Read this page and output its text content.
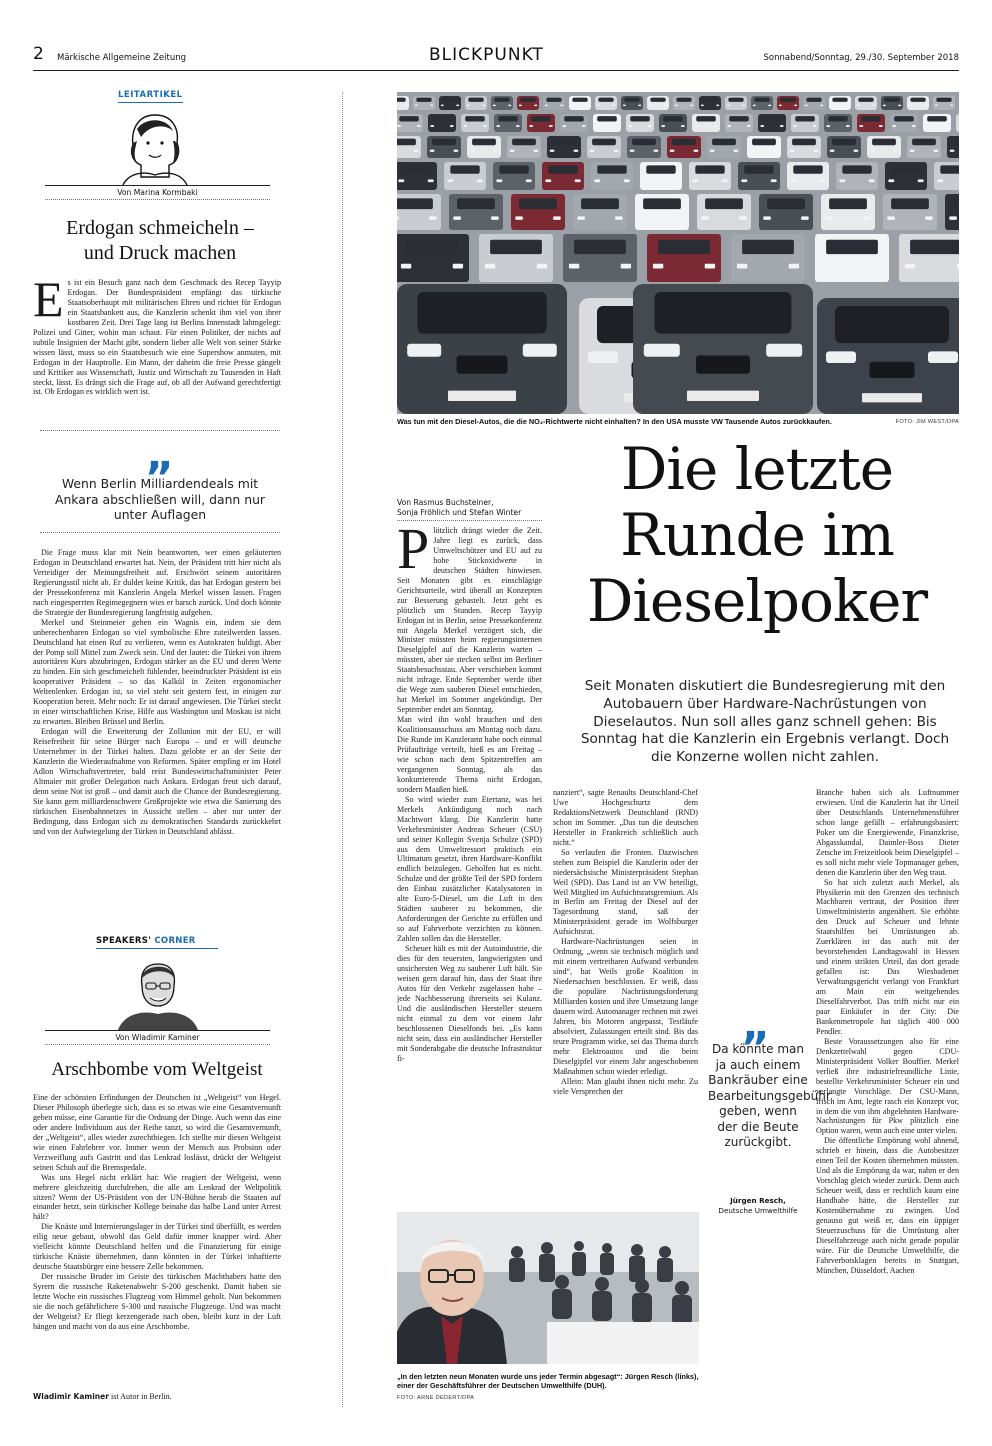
2 Märkische Allgemeine Zeitung	BLICKPUNKT	Sonnabend/Sonntag, 29./30. September 2018
LEITARTIKEL
Von Marina Kormbaki
Erdogan schmeicheln –
und Druck machen
E s ist ein Besuch ganz nach dem Geschmack des Recep Tayyip Erdogan. Der Bundespräsident empfängt das türkische Staatsoberhaupt mit militärischen Ehren und richtet für Erdogan ein Staatsbankett aus, die Kanzlerin schenkt ihm viel von ihrer kostbaren Zeit. Drei Tage lang ist Berlins Innenstadt lahmgelegt: Polizei und Gitter, wohin man schaut. Für einen Politiker, der nichts auf subtile Insignien der Macht gibt, sondern lieber alle Welt von seiner Stärke wissen lässt, muss so ein Staatsbesuch wie eine Supershow anmuten, mit Erdogan in der Hauptrolle. Ein Mann, der daheim die freie Presse gängelt und Kritiker aus Wissenschaft, Justiz und Wirtschaft zu Tausenden in Haft steckt, lässt. Es drängt sich die Frage auf, ob all der Aufwand gerechtfertigt ist. Ob Erdogan es wirklich wert ist.
„
Wenn Berlin Milliardendeals mit Ankara abschließen will, dann nur unter Auflagen

Die Frage muss klar mit Nein beantworten, wer einen geläuterten Erdogan in Deutschland erwartet hat. Nein, der Präsident tritt hier nicht als Verteidiger der Meinungsfreiheit auf. Erschwört seinem autoritären Regierungsstil nicht ab. Er duldet keine Kritik, das hat Erdogan gestern bei der Pressekonferenz mit Kanzlerin Angela Merkel wissen lassen. Fragen nach eingesperrten Regimegegnern wies er barsch zurück. Und doch könnte die Strategie der Bundesregierung langfristig aufgehen.

Merkel und Steinmeier gehen ein Wagnis ein, indem sie dem unberechenbaren Erdogan so viel symbolische Ehre zuteilwerden lassen. Deutschland hat einen Ruf zu verlieren, wenn es Autokraten huldigt. Aber der Pomp soll Mittel zum Zweck sein. Und der lautet: die Türkei von ihrem autoritären Kurs abzubringen, Erdogan stärker an die EU und deren Werte zu binden. Ein sich geschmeichelt fühlender, beeindruckter Präsident ist ein kooperativer Präsident – so das Kalkül in Zeiten ergonomischer Weltenlenker. Erdogan ist, so viel steht seit gestern fest, in einigen zur Kooperation bereit. Mehr noch: Er ist darauf angewiesen. Die Türkei steckt in einer wirtschaftlichen Krise, Hilfe aus Washington und Moskau ist nicht zu erwarten. Bleiben Brüssel und Berlin.

Erdogan will die Erweiterung der Zollunion mit der EU, er will Reisefreiheit für seine Bürger nach Europa – und er will deutsche Unternehmer in der Türkei halten. Dazu gelobte er an der Seite der Kanzlerin die Wiederaufnahme von Reformen. Später empfing er im Hotel Adlon Wirtschaftsvertreter, bald reist Bundeswirtschaftsminister Peter Altmaier mit großer Delegation nach Ankara. Erdogan freut sich darauf, denn seine Not ist groß – und damit auch die Chance der Bundesregierung. Sie kann gern milliardenschwere Großprojekte wie etwa die Sanierung des türkischen Eisenbahnnetzes in Aussicht stellen – aber nur unter der Bedingung, dass Erdogan sich zu demokratischen Standards zurückkehrt und von der Aufwiegelung der Türken in Deutschland ablässt.

SPEAKERS' CORNER
Von Wladimir Kaminer
Arschbombe vom Weltgeist

Eine der schönsten Erfindungen der Deutschen ist „Weltgeist“ von Hegel. Dieser Philosoph überlegte sich, dass es so etwas wie eine Gesamtvernunft geben müsse, eine Garantie für die Ordnung der Dinge. Auch wenn das eine oder andere Individuum aus der Reihe tanzt, so wird die Gesamtvernunft, der „Weltgeist“, alles wieder zurechtbiegen. Ich stellte mir diesen Weltgeist wie einen Fahrlehrer vor. Immer wenn der Mensch aus Probsinn oder Verzweiflung aufs Gastritt und das Lenkrad loslässt, drückt der Weltgeist seinen Schuh auf die Bremspedale.

Was uns Hegel nicht erklärt hat: Wie reagiert der Weltgeist, wenn mehrere gleichzeitig durchdrehen, die alle am Lenkrad der Weltpolitik sitzen? Wenn der US-Präsident von der UN-Bühne herab die Staaten auf einander hetzt, sein türkischer Kollege beinahe das halbe Land unter Arrest hält?

Die Knäste und Internierungslager in der Türkei sind überfüllt, es werden eilig neue gebaut, obwohl das Geld dafür immer knapper wird. Aber vielleicht könnte Deutschland helfen und die Finanzierung für einige türkische Knäste übernehmen, dann könnten in der Türkei inhaftierte deutsche Staatsbürger eine bessere Zelle bekommen.

Der russische Bruder im Geiste des türkischen Machthabers hatte den Syrern die russische Raketenabwehr S-200 geschenkt. Damit haben sie letzte Woche ein russisches Flugzeug vom Himmel geholt. Nun bekommen sie die noch gefährlichere S-300 und russische Flugzeuge. Und was macht der Weltgeist? Er fliegt kerzengerade nach oben, bleibt kurz in der Luft hängen und macht von da aus eine Arschbombe.

Wladimir Kaminer ist Autor in Berlin.
Was tun mit den Diesel-Autos, die die NO₂-Richtwerte nicht einhalten? In den USA musste VW Tausende Autos zurückkaufen.	FOTO: JIM WEST/DPA
Die letzte
Runde im
Dieselpoker
Seit Monaten diskutiert die Bundesregierung mit den Autobauern über Hardware-Nachrüstungen von Dieselautos. Nun soll alles ganz schnell gehen: Bis Sonntag hat die Kanzlerin ein Ergebnis verlangt. Doch die Konzerne wollen nicht zahlen.
Von Rasmus Buchsteiner,
Sonja Fröhlich und Stefan Winter
P lötzlich drängt wieder die Zeit. Jahre liegt es zurück, dass Umweltschützer und EU auf zu hohe Stickoxidwerte in deutschen Städten hinwiesen. Seit Monaten gibt es einschlägige Gerichtsurteile, wird überall an Konzepten zur Besserung gebastelt. Jetzt geht es plötzlich um Stunden. Recep Tayyip Erdogan ist in Berlin, seine Pressekonferenz mit Angela Merkel verzögert sich, die Minister müssten beim regierungsinternen Dieselgipfel auf die Kanzlerin warten – müssten, aber sie stecken selbst im Berliner Staatsbesuchsstau. Aber verschieben kommt nicht infrage. Ende September werde über die Wege zum sauberen Diesel entschieden, hat Merkel im Sommer angekündigt. Der September endet am Sonntag.

Man wird ihn wohl brauchen und den Koalitionsausschuss am Montag noch dazu. Die Runde im Kanzleramt habe noch einmal Prüfaufträge verteilt, hieß es am Freitag – wie schon nach dem Spitzentreffen am vergangenen Sonntag, als das konkurrierende Thema nicht Erdogan, sondern Maaßen hieß.

So wird wieder zum Etertanz, was bei Merkels Ankündigung noch nach Machtwort klang. Die Kanzlerin hatte Verkehrsminister Andreas Scheuer (CSU) und seiner Kollegin Svenja Schulze (SPD) aus dem Umweltressort praktisch ein Ultimatum gesetzt, ihren Hardware-Konflikt endlich beizulegen. Geholfen hat es nicht. Schulze und der größte Teil der SPD fordern den Einbau zusätzlicher Katalysatoren in alte Euro-5-Diesel, um die Luft in den Städten sauberer zu bekommen, die Anforderungen der Gerichte zu erfüllen und so auf Fahrverbote verzichten zu können. Zahlen sollen das die Hersteller.

Scheuer hält es mit der Autoindustrie, die dies für den teuersten, langwierigsten und unsichersten Weg zu sauberer Luft hält. Sie weisen gern darauf hin, dass der Staat ihre Autos für den Verkehr zugelassen habe – jede Nachbesserung ihrerseits sei Kulanz. Und die ausländischen Hersteller steuern nicht einmal zu dem vor einem Jahr beschlossenen Dieselfonds bei. „Es kann nicht sein, dass ein ausländischer Hersteller mit Sonderabgabe die deutsche Infrastruktur fi-

nanziert“, sagte Renaults Deutschland-Chef Uwe Hochgeschurtz dem RedaktionsNetzwerk Deutschland (RND) schon im Sommer. „Das tun die deutschen Hersteller in Frankreich schließlich auch nicht.“

So verlaufen die Fronten. Dazwischen stehen zum Beispiel die Kanzlerin oder der niedersächsische Ministerpräsident Stephan Weil (SPD). Das Land ist an VW beteiligt, Weil Mitglied im Aufsichtsratsgremium. Als in Berlin am Freitag der Diesel auf der Tagesordnung stand, saß der Ministerpräsident gerade im Wolfsburger Aufsichtsrat.

Hardware-Nachrüstungen seien in Ordnung, „wenn sie technisch möglich und mit einem vertretbaren Aufwand verbunden sind“, hat Weils große Koalition in Niedersachsen beschlossen. Er weiß, dass die populäre Nachrüstungsforderung Milliarden kosten und ihre Umsetzung lange dauern wird. Automanager rechnen mit zwei Jahren, bis Motoren angepasst, Testläufe absolviert, Zulassungen erteilt sind. Bis das teure Programm wirke, sei das Thema durch mehr Elektroautos und die beim Dieselgipfel vor einem Jahr angeschobenen Maßnahmen schon wieder erledigt.

Allein: Man glaubt ihnen nicht mehr. Zu viele Versprechen der

„
Da könnte man ja auch einem Bankräuber eine Bearbeitungsgebühr geben, wenn der die Beute zurückgibt.
Jürgen Resch,
Deutsche Umwelthilfe

Branche haben sich als Luftnummer erwiesen. Und die Kanzlerin hat ihr Urteil über Deutschlands Unternehmensführer schon lange gefällt – erfahrungsbasiert: Poker um die Energiewende, Finanzkrise, Abgasskandal, Daimler-Boss Dieter Zetsche im Freizeitlook beim Dieselgipfel – es soll nicht mehr viele Topmanager geben, denen die Kanzlerin über den Weg traut.

So hat sich zuletzt auch Merkel, als Physikerin mit den Grenzen des technisch Machbaren vertraut, der Position ihrer Umweltministerin angenähert. Sie erhöhte den Druck auf Scheuer und lehnte Staatshilfen bei Umrüstungen ab. Zuerklären ist das auch mit der bevorstehenden Landtagswahl in Hessen und einem strikten Urteil, das dort gerade gefallen ist: Das Wiesbadener Verwaltungsgericht verlangt von Frankfurt am Main ein weitgehendes Dieselfahrverbot. Das trifft nicht nur ein paar Einkäufer in der City: Die Bankenmetropole hat täglich 400 000 Pendler.

Beste Voraussetzungen also für eine Denkzettelwahl gegen CDU-Ministerpräsident Volker Bouffier. Merkel verließ ihre industriefreundliche Linie, bestellte Verkehrsminister Scheuer ein und verlangte Vorschläge. Der CSU-Mann, frisch im Amt, legte rasch ein Konzept vor, in dem die von ihm abgelehnten Hardware-Nachrüstungen für Pkw plötzlich eine Option waren, wenn auch eine unter vielen.

Die öffentliche Empörung wohl ahnend, schrieb er hinein, dass die Autobesitzer einen Teil der Kosten übernehmen müssten. Und als die Empörung da war, nahm er den Vorschlag gleich wieder zurück. Denn auch Scheuer weiß, dass er rechtlich kaum eine Handhabe hätte, die Hersteller zur Kostenübernahme zu zwingen. Und genauso gut weiß er, dass ein üppiger Steuerzuschuss für die Umrüstung alter Dieselfahrzeuge auch nicht gerade populär wäre. Für die Deutsche Umwelthilfe, die Fahrverbotsklagen bereits in Stuttgart, München, Düsseldorf, Aachen

„In den letzten neun Monaten wurde uns jeder Termin abgesagt“: Jürgen Resch (links), einer der Geschäftsführer der Deutschen Umwelthilfe (DUH).
FOTO: ARNE DEDERT/DPA
